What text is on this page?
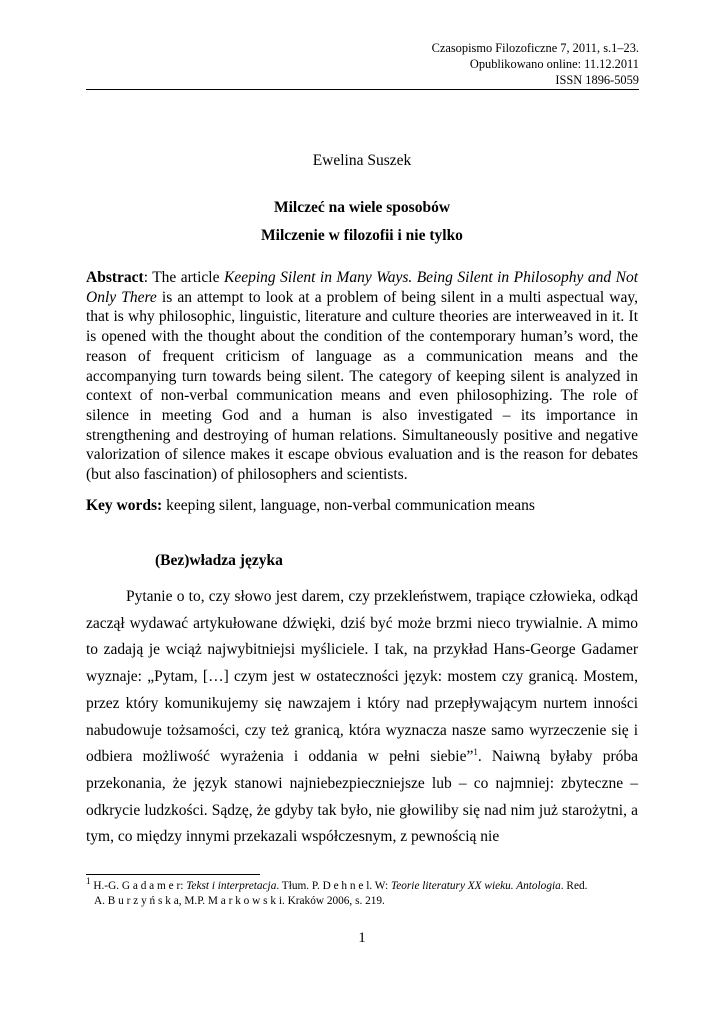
Czasopismo Filozoficzne 7, 2011, s.1–23.
Opublikowano online: 11.12.2011
ISSN 1896-5059
Ewelina Suszek
Milczeć na wiele sposobów
Milczenie w filozofii i nie tylko
Abstract: The article Keeping Silent in Many Ways. Being Silent in Philosophy and Not Only There is an attempt to look at a problem of being silent in a multi aspectual way, that is why philosophic, linguistic, literature and culture theories are interweaved in it. It is opened with the thought about the condition of the contemporary human’s word, the reason of frequent criticism of language as a communication means and the accompanying turn towards being silent. The category of keeping silent is analyzed in context of non-verbal communication means and even philosophizing. The role of silence in meeting God and a human is also investigated – its importance in strengthening and destroying of human relations. Simultaneously positive and negative valorization of silence makes it escape obvious evaluation and is the reason for debates (but also fascination) of philosophers and scientists.
Key words: keeping silent, language, non-verbal communication means
(Bez)władza języka
Pytanie o to, czy słowo jest darem, czy przekleństwem, trapiące człowieka, odkąd zaczął wydawać artykułowane dźwięki, dziś być może brzmi nieco trywialnie. A mimo to zadają je wciąż najwybitniejsi myśliciele. I tak, na przykład Hans-George Gadamer wyznaje: „Pytam, […] czym jest w ostateczności język: mostem czy granicą. Mostem, przez który komunikujemy się nawzajem i który nad przepływającym nurtem inności nabudowuje tożsamości, czy też granicą, która wyznacza nasze samo wyrzeczenie się i odbiera możliwość wyrażenia i oddania w pełni siebie”$^1$. Naiwną byłaby próba przekonania, że język stanowi najniebezpieczniejsze lub – co najmniej: zbyteczne – odkrycie ludzkości. Sądzę, że gdyby tak było, nie głowiliby się nad nim już starożytni, a tym, co między innymi przekazali współczesnym, z pewnością nie
$^1$ H.-G. G a d a m e r: Tekst i interpretacja. Tłum. P. D e h n e l. W: Teorie literatury XX wieku. Antologia. Red.
A. B u r z y ń s k a, M.P. M a r k o w s k i. Kraków 2006, s. 219.
1
